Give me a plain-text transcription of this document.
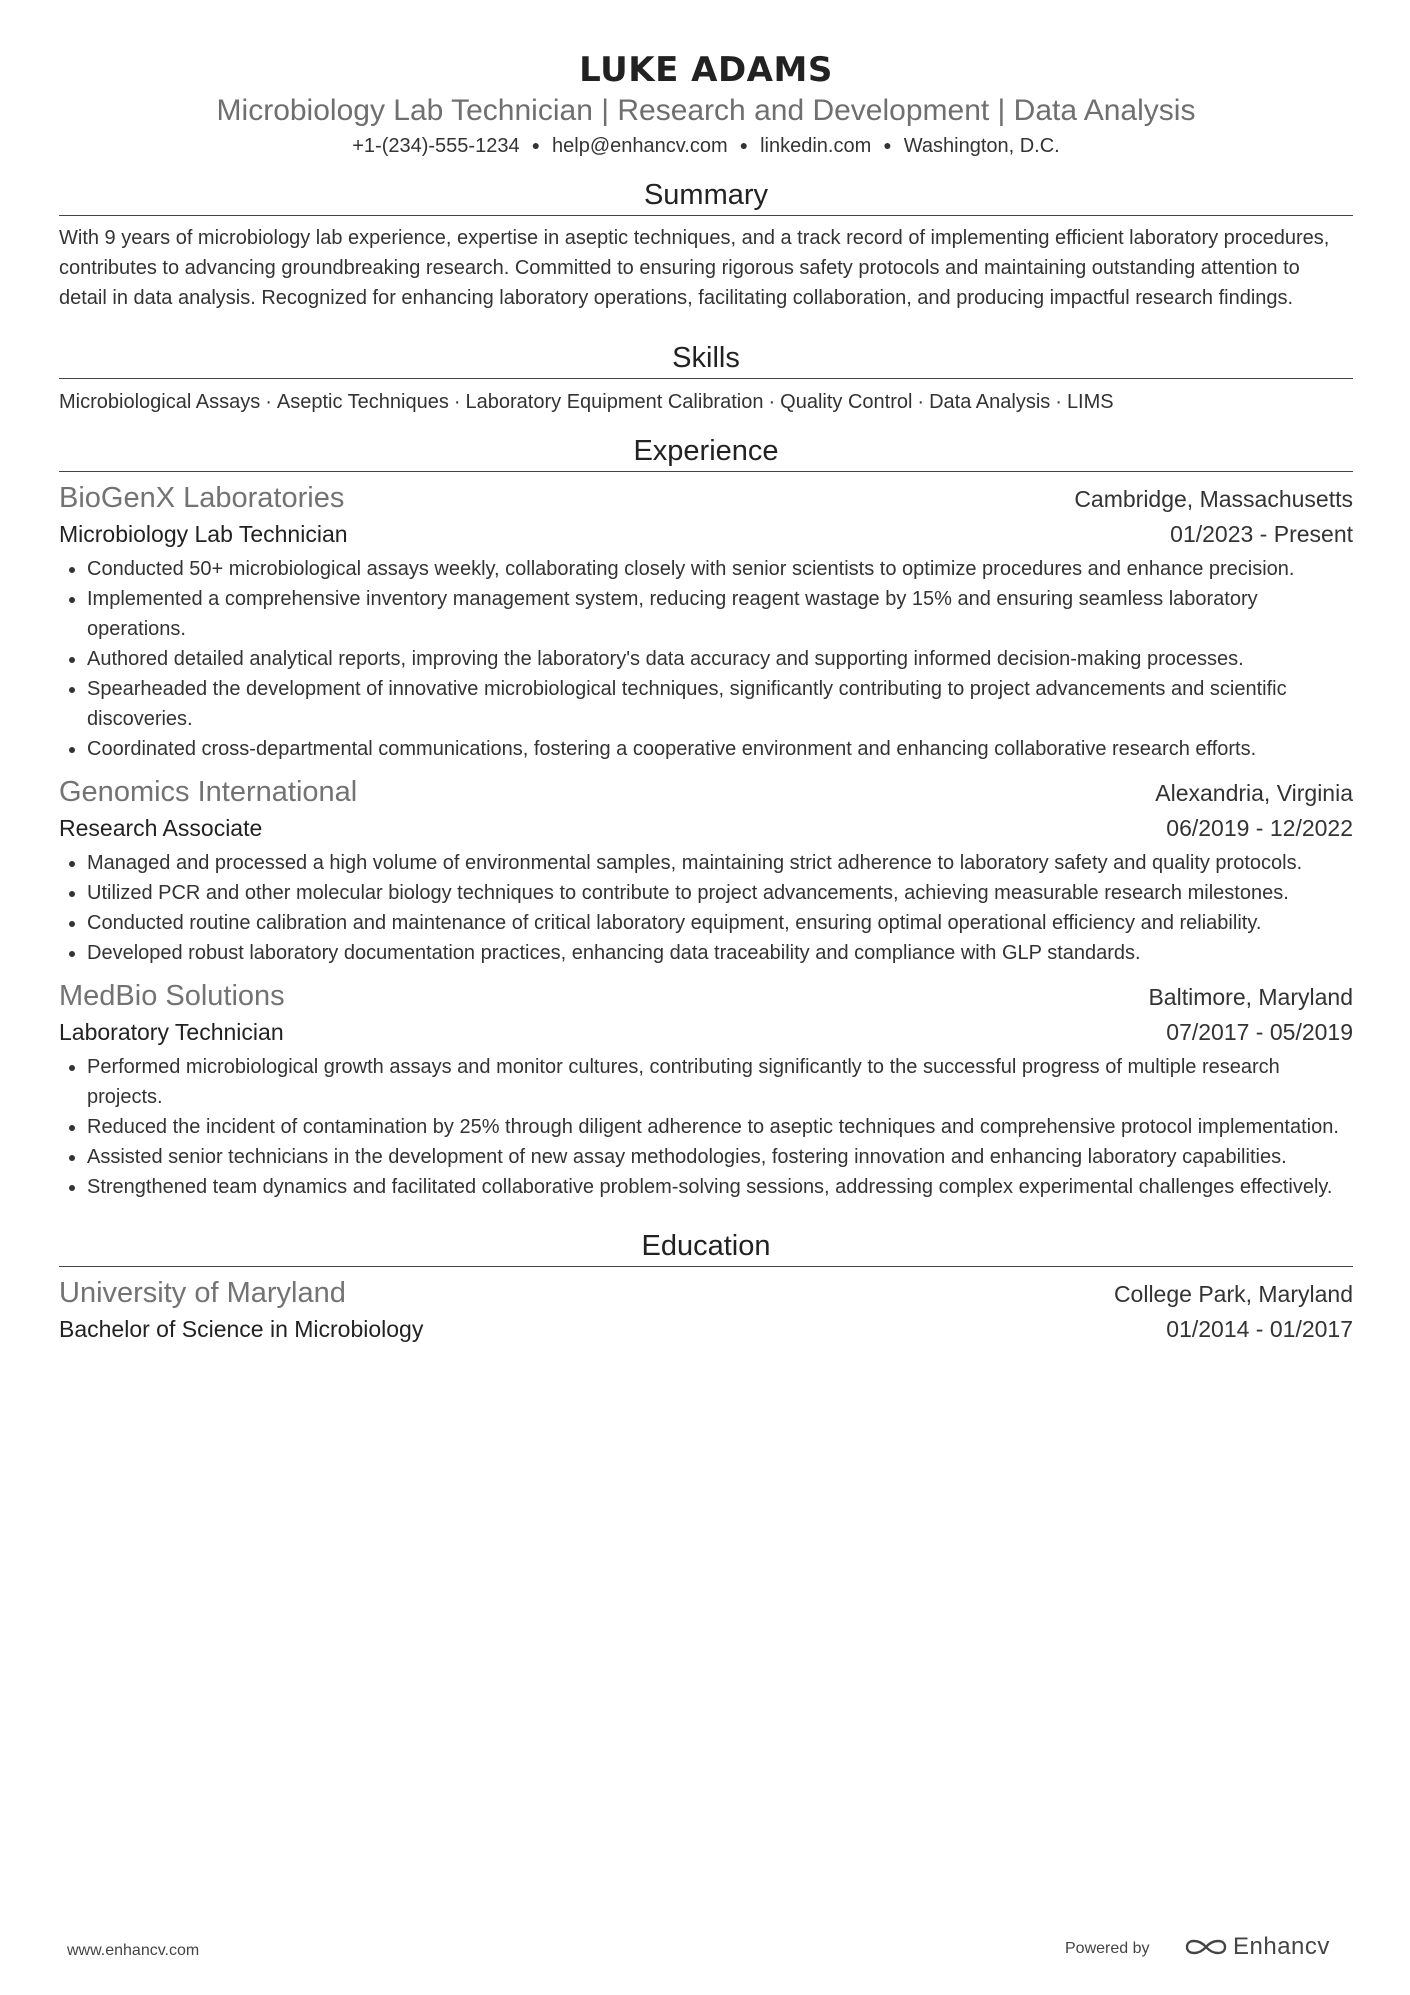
LUKE ADAMS
Microbiology Lab Technician | Research and Development | Data Analysis
+1-(234)-555-1234 ● help@enhancv.com ● linkedin.com ● Washington, D.C.
Summary
With 9 years of microbiology lab experience, expertise in aseptic techniques, and a track record of implementing efficient laboratory procedures, contributes to advancing groundbreaking research. Committed to ensuring rigorous safety protocols and maintaining outstanding attention to detail in data analysis. Recognized for enhancing laboratory operations, facilitating collaboration, and producing impactful research findings.
Skills
Microbiological Assays · Aseptic Techniques · Laboratory Equipment Calibration · Quality Control · Data Analysis · LIMS
Experience
BioGenX Laboratories	Cambridge, Massachusetts
Microbiology Lab Technician	01/2023 - Present
• Conducted 50+ microbiological assays weekly, collaborating closely with senior scientists to optimize procedures and enhance precision.
• Implemented a comprehensive inventory management system, reducing reagent wastage by 15% and ensuring seamless laboratory operations.
• Authored detailed analytical reports, improving the laboratory's data accuracy and supporting informed decision-making processes.
• Spearheaded the development of innovative microbiological techniques, significantly contributing to project advancements and scientific discoveries.
• Coordinated cross-departmental communications, fostering a cooperative environment and enhancing collaborative research efforts.
Genomics International	Alexandria, Virginia
Research Associate	06/2019 - 12/2022
• Managed and processed a high volume of environmental samples, maintaining strict adherence to laboratory safety and quality protocols.
• Utilized PCR and other molecular biology techniques to contribute to project advancements, achieving measurable research milestones.
• Conducted routine calibration and maintenance of critical laboratory equipment, ensuring optimal operational efficiency and reliability.
• Developed robust laboratory documentation practices, enhancing data traceability and compliance with GLP standards.
MedBio Solutions	Baltimore, Maryland
Laboratory Technician	07/2017 - 05/2019
• Performed microbiological growth assays and monitor cultures, contributing significantly to the successful progress of multiple research projects.
• Reduced the incident of contamination by 25% through diligent adherence to aseptic techniques and comprehensive protocol implementation.
• Assisted senior technicians in the development of new assay methodologies, fostering innovation and enhancing laboratory capabilities.
• Strengthened team dynamics and facilitated collaborative problem-solving sessions, addressing complex experimental challenges effectively.
Education
University of Maryland	College Park, Maryland
Bachelor of Science in Microbiology	01/2014 - 01/2017
www.enhancv.com	Powered by	Enhancv
